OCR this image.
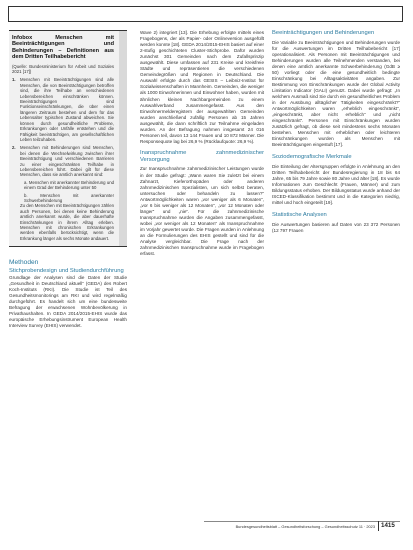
Infobox Menschen mit Beeinträchtigungen und Behinderungen – Definitionen aus dem Dritten Teilhabebericht
(Quelle: Bundesministerium für Arbeit und Soziales 2021 [17])
1.	Menschen mit Beeinträchtigungen sind alle Menschen, die von Beeinträchtigungen betroffen sind, die ihre Teilhabe an verschiedenen Lebensbereichen einschränken können. Beeinträchtigungen sind Funktionseinschränkungen, die über einen längeren Zeitraum bestehen und dem für das Lebensalter typischen Zustand abweichen. Sie können durch gesundheitliche Probleme, Erkrankungen oder Unfälle entstehen und die Fähigkeit beeinträchtigen, am gesellschaftlichen Leben teilzuhaben.
2.	Menschen mit Behinderungen sind Menschen, bei denen die Wechselwirkung zwischen ihrer Beeinträchtigung und verschiedenen Barrieren zu einer eingeschränkten Teilhabe in Lebensbereichen führt. Dabei gilt für diese Menschen, dass sie amtlich anerkannt sind:
a. Menschen mit anerkannter Behinderung und einem Grad der Behinderung unter 50
b. Menschen mit anerkannter Schwerbehinderung
Zu den Menschen mit Beeinträchtigungen zählen auch Personen, bei denen keine Behinderung amtlich anerkannt wurde, die aber dauerhafte Einschränkungen in ihrem Alltag erleben. Menschen mit chronischen Erkrankungen werden ebenfalls berücksichtigt, wenn die Erkrankung länger als sechs Monate andauert.
Methoden
Stichprobendesign und Studiendurchführung

Grundlage der Analysen sind die Daten der Studie „Gesundheit in Deutschland aktuell“ (GEDA) des Robert Koch-Instituts (RKI). Die Studie ist Teil des Gesundheitsmonitorings am RKI und wird regelmäßig durchgeführt. Es handelt sich um eine bundesweite Befragung der erwachsenen Wohnbevölkerung in Privathaushalten. In GEDA 2014/2015-EHIS wurde das europäische Erhebungsinstrument European Health Interview Survey (EHIS) verwendet.

Wave 2) integriert [13]. Die Erhebung erfolgte mittels eines Fragebogens, der als Papier- oder Onlineversion ausgefüllt werden konnte [18]. GEDA 2014/2015-EHIS basiert auf einer 2-stufig geschichteten Cluster-Stichprobe. Dafür wurden zunächst 301 Gemeinden nach dem Zufallsprinzip ausgewählt. Diese umfassen auf 231 Kreise und kreisfreie Städte und repräsentieren die verschiedenen Gemeindegrößen und Regionen in Deutschland. Die Auswahl erfolgte durch das GESIS – Leibniz-Institut für Sozialwissenschaften in Mannheim. Gemeinden, die weniger als 1000 Einwohnerinnen und Einwohner haben, wurden mit ähnlichen kleinen Nachbargemeinden zu einem Auswahlverband zusammengefasst. Aus den Einwohnermelderegistern der ausgewählten Gemeinden wurden anschließend zufällig Personen ab 15 Jahren ausgewählt, die dann schriftlich zur Teilnahme eingeladen wurden. An der Befragung nahmen insgesamt 24 016 Personen teil, davon 13 144 Frauen und 10 872 Männer. Die Responsequote lag bei 26,9 % (Rücklaufquote: 26,9 %).

Inanspruchnahme zahnmedizinischer Versorgung

Zur Inanspruchnahme zahnmedizinischer Leistungen wurde in der Studie gefragt: „Wann waren Sie zuletzt bei einem Zahnarzt, Kieferorthopäden oder anderen zahnmedizinischen Spezialisten, um sich selbst beraten, untersuchen oder behandeln zu lassen?“ Antwortmöglichkeiten waren „vor weniger als 6 Monaten“, „vor 6 bis weniger als 12 Monaten“, „vor 12 Monaten oder länger“ und „nie“. Für die zahnmedizinische Inanspruchnahme wurden die Angaben zusammengefasst, wobei „vor weniger als 12 Monaten“ als Inanspruchnahme im Vorjahr gewertet wurde. Die Fragen wurden in Anlehnung an die Formulierungen des EHIS gestellt und sind für die Analyse vergleichbar. Die Frage nach der zahnmedizinischen Inanspruchnahme wurde im Fragebogen erfasst.

Beeinträchtigungen und Behinderungen

Die Variable zu Beeinträchtigungen und Behinderungen wurde für die Auswertungen im Dritten Teilhabebericht [17] operationalisiert. Als Personen mit Beeinträchtigungen und Behinderungen wurden alle Teilnehmenden verstanden, bei denen eine amtlich anerkannte Schwerbehinderung (GdB ≥ 50) vorliegt oder die eine gesundheitlich bedingte Einschränkung bei Alltagsaktivitäten angaben. Zur Bestimmung von Einschränkungen wurde der Global Activity Limitation Indicator (GALI) genutzt. Dabei wurde gefragt: „In welchem Ausmaß sind Sie durch ein gesundheitliches Problem in der Ausübung alltäglicher Tätigkeiten eingeschränkt?“ Antwortmöglichkeiten waren „erheblich eingeschränkt“, „eingeschränkt, aber nicht erheblich“ und „nicht eingeschränkt“. Personen mit Einschränkungen wurden zusätzlich gefragt, ob diese seit mindestens sechs Monaten bestehen. Menschen mit erheblichen oder leichteren Einschränkungen wurden als Menschen mit Beeinträchtigungen eingestuft [17].

Soziodemografische Merkmale

Die Einteilung der Altersgruppen erfolgte in Anlehnung an den Dritten Teilhabebericht der Bundesregierung in 18 bis 64 Jahre, 65 bis 79 Jahre sowie 80 Jahre und älter [18]. Es wurde Informationen zum Geschlecht (Frauen, Männer) und zum Bildungsstatus erhoben. Der Bildungsstatus wurde anhand der ISCED-Klassifikation bestimmt und in die Kategorien niedrig, mittel und hoch eingeteilt [19].

Statistische Analysen

Die Auswertungen basieren auf Daten von 23 372 Personen (12 797 Frauen

Bundesgesundheitsblatt – Gesundheitsforschung – Gesundheitsschutz 11 · 2023 1415
